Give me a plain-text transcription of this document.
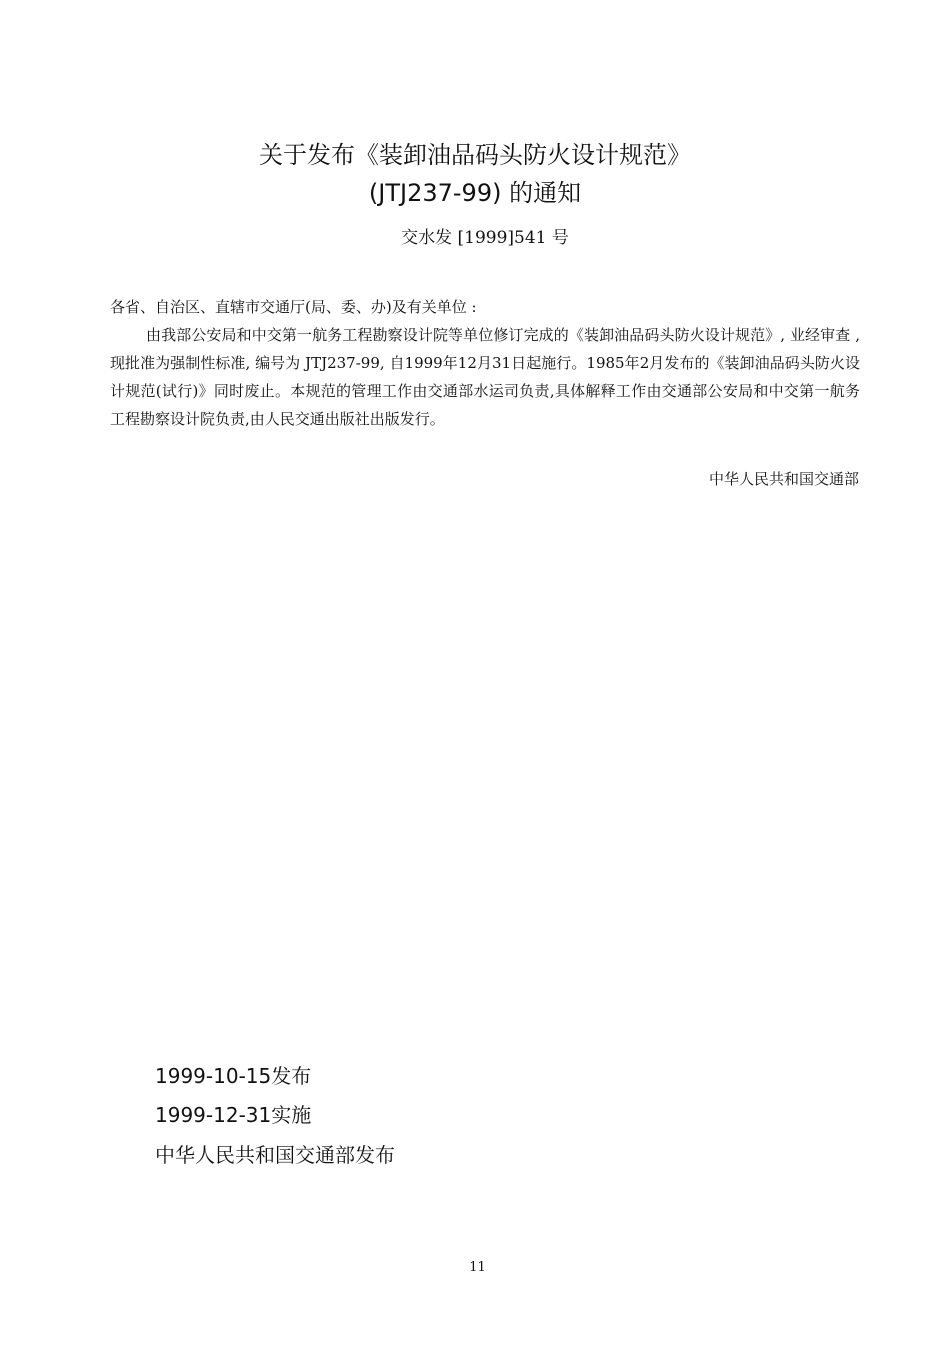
关于发布《装卸油品码头防火设计规范》
(JTJ237-99) 的通知
交水发 [1999]541 号

各省、自治区、直辖市交通厅(局、委、办)及有关单位 :

由我部公安局和中交第一航务工程勘察设计院等单位修订完成的《装卸油品码头防火设计规范》, 业经审查 , 现批准为强制性标准, 编号为 JTJ237-99, 自1999年12月31日起施行。1985年2月发布的《装卸油品码头防火设计规范(试行)》同时废止。本规范的管理工作由交通部水运司负责,具体解释工作由交通部公安局和中交第一航务工程勘察设计院负责,由人民交通出版社出版发行。

中华人民共和国交通部
1999-10-15发布
1999-12-31实施
中华人民共和国交通部发布
11
